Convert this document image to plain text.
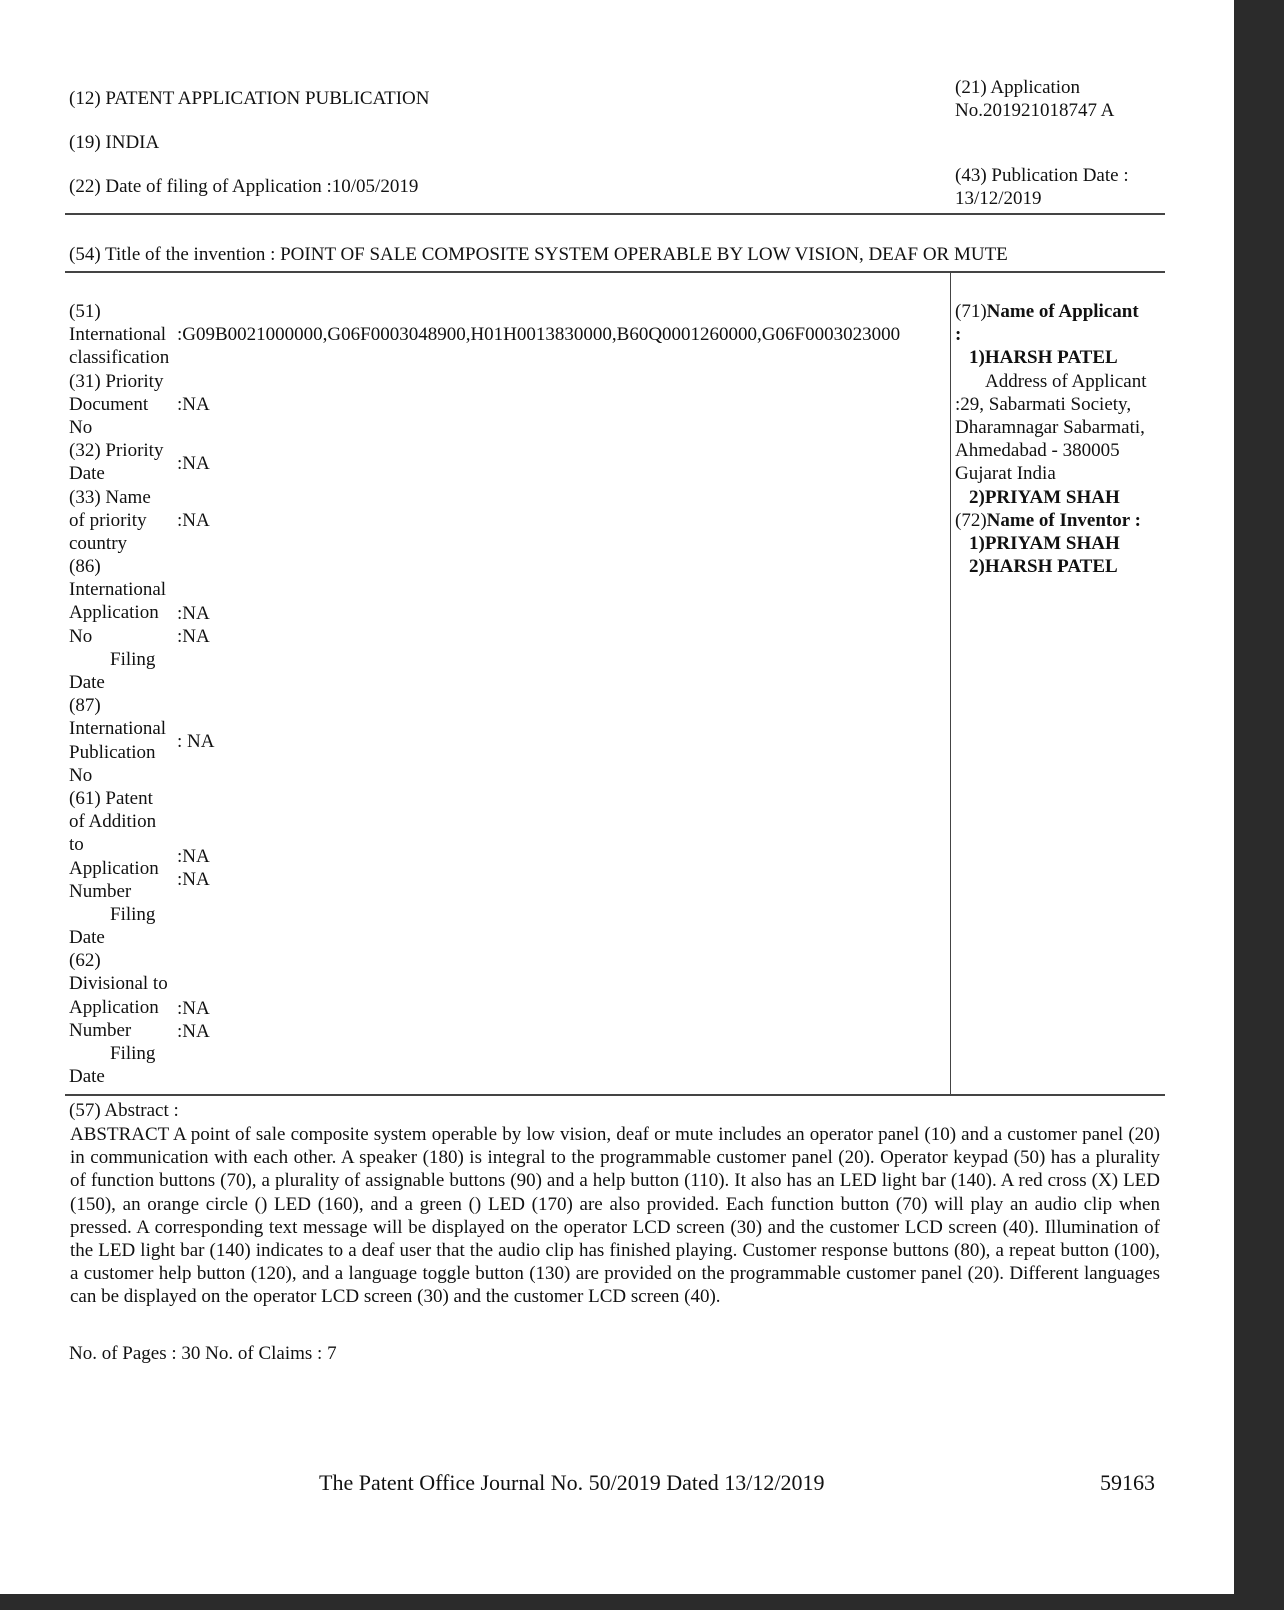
(12) PATENT APPLICATION PUBLICATION
(19) INDIA
(22) Date of filing of Application :10/05/2019
(21) Application
No.201921018747 A
(43) Publication Date :
13/12/2019
(54) Title of the invention : POINT OF SALE COMPOSITE SYSTEM OPERABLE BY LOW VISION, DEAF OR MUTE
(51)
International
classification
(31) Priority
Document
No
(32) Priority
Date
(33) Name
of priority
country
(86)
International
Application
No
Filing
Date
(87)
International
Publication
No
(61) Patent
of Addition
to
Application
Number
Filing
Date
(62)
Divisional to
Application
Number
Filing
Date
:G09B0021000000,G06F0003048900,H01H0013830000,B60Q0001260000,G06F0003023000
:NA
:NA
:NA
:NA
:NA
: NA
:NA
:NA
:NA
:NA
(71)Name of Applicant
:
1)HARSH PATEL
Address of Applicant
:29, Sabarmati Society,
Dharamnagar Sabarmati,
Ahmedabad - 380005
Gujarat India
2)PRIYAM SHAH
(72)Name of Inventor :
1)PRIYAM SHAH
2)HARSH PATEL
(57) Abstract :
ABSTRACT A point of sale composite system operable by low vision, deaf or mute includes an operator panel (10) and a customer panel (20) in communication with each other. A speaker (180) is integral to the programmable customer panel (20). Operator keypad (50) has a plurality of function buttons (70), a plurality of assignable buttons (90) and a help button (110). It also has an LED light bar (140). A red cross (X) LED (150), an orange circle () LED (160), and a green () LED (170) are also provided. Each function button (70) will play an audio clip when pressed. A corresponding text message will be displayed on the operator LCD screen (30) and the customer LCD screen (40). Illumination of the LED light bar (140) indicates to a deaf user that the audio clip has finished playing. Customer response buttons (80), a repeat button (100), a customer help button (120), and a language toggle button (130) are provided on the programmable customer panel (20). Different languages can be displayed on the operator LCD screen (30) and the customer LCD screen (40).
No. of Pages : 30 No. of Claims : 7
The Patent Office Journal No. 50/2019 Dated 13/12/2019	59163
